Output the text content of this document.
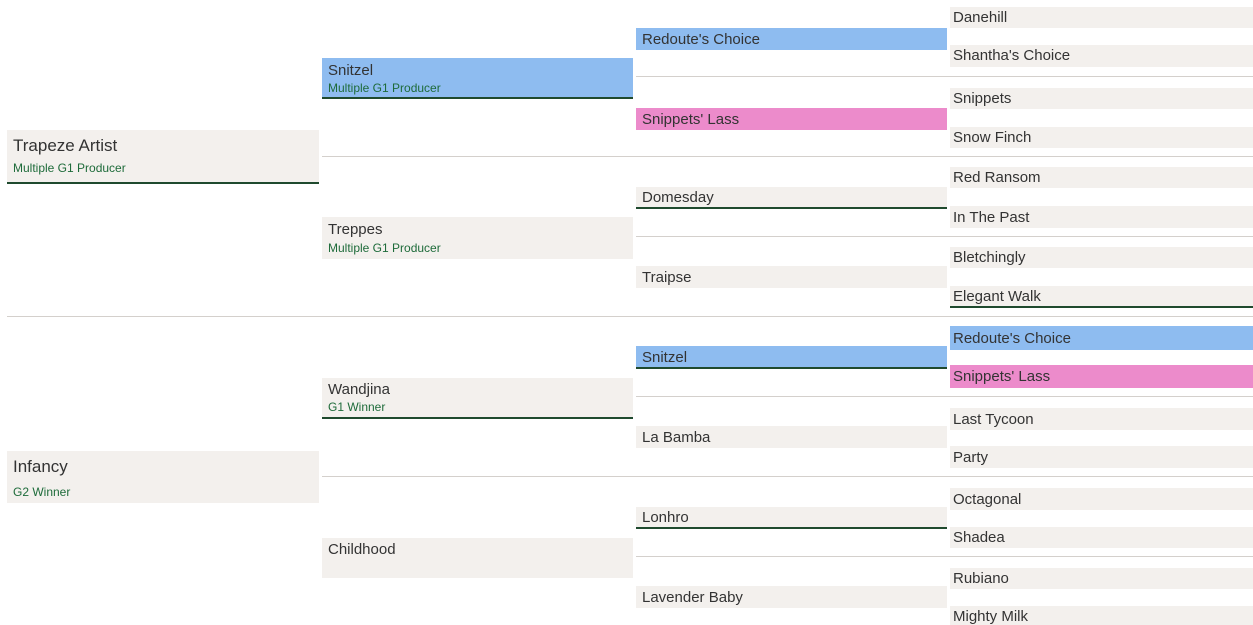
Trapeze Artist
Multiple G1 Producer
Infancy
G2 Winner
Snitzel
Multiple G1 Producer
Treppes
Multiple G1 Producer
Wandjina
G1 Winner
Childhood
Redoute's Choice
Snippets' Lass
Domesday
Traipse
Snitzel
La Bamba
Lonhro
Lavender Baby
Danehill
Shantha's Choice
Snippets
Snow Finch
Red Ransom
In The Past
Bletchingly
Elegant Walk
Redoute's Choice
Snippets' Lass
Last Tycoon
Party
Octagonal
Shadea
Rubiano
Mighty Milk
